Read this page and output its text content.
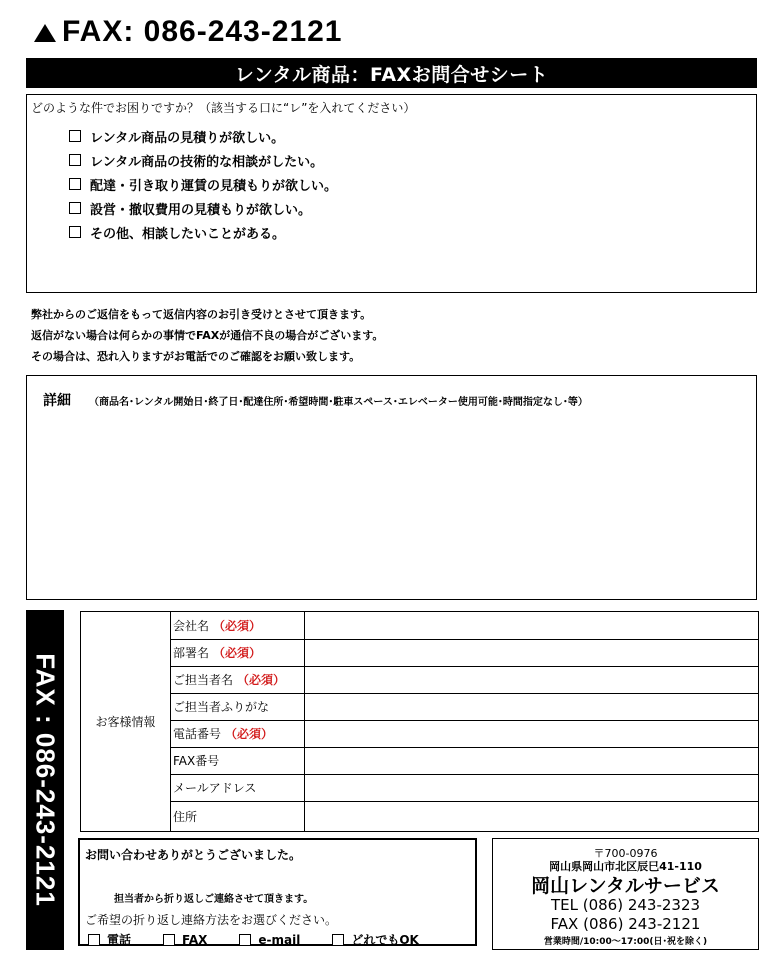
FAX: 086-243-2121
レンタル商品：FAXお問合せシート
どのような件でお困りですか？（該当する口に“レ”を入れてください）
レンタル商品の見積りが欲しい。
レンタル商品の技術的な相談がしたい。
配達・引き取り運賃の見積もりが欲しい。
設営・撤収費用の見積もりが欲しい。
その他、相談したいことがある。
弊社からのご返信をもって返信内容のお引き受けとさせて頂きます。
返信がない場合は何らかの事情でFAXが通信不良の場合がございます。
その場合は、恐れ入りますがお電話でのご確認をお願い致します。
詳細 （商品名･レンタル開始日･終了日･配達住所･希望時間･駐車スペース･エレベーター使用可能･時間指定なし･等）
FAX : 086-243-2121	お客様情報
会社名 （必須）
部署名 （必須）
ご担当者名 （必須）
ご担当者ふりがな
電話番号 （必須）
FAX番号
メールアドレス
住所
お問い合わせありがとうございました。
担当者から折り返しご連絡させて頂きます。
ご希望の折り返し連絡方法をお選びください。
電話	FAX	e-mail	どれでもOK
〒700-0976
岡山県岡山市北区辰巳41-110
岡山レンタルサービス
TEL (086) 243-2323
FAX (086) 243-2121
営業時間/10:00～17:00(日･祝を除く)
